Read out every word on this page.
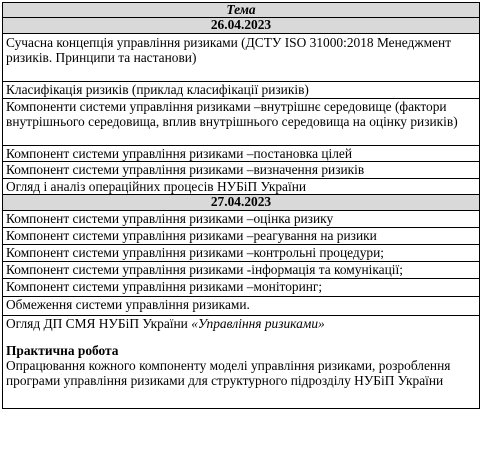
Тема
26.04.2023
Сучасна концепція управління ризиками (ДСТУ ISO 31000:2018 Менеджмент ризиків. Принципи та настанови)
Класифікація ризиків (приклад класифікації ризиків)
Компоненти системи управління ризиками –внутрішнє середовище (фактори внутрішнього середовища, вплив внутрішнього середовища на оцінку ризиків)
Компонент системи управління ризиками –постановка цілей
Компонент системи управління ризиками –визначення ризиків
Огляд і аналіз операційних процесів НУБіП України
27.04.2023
Компонент системи управління ризиками –оцінка ризику
Компонент системи управління ризиками –реагування на ризики
Компонент системи управління ризиками –контрольні процедури;
Компонент системи управління ризиками -інформація та комунікації;
Компонент системи управління ризиками –моніторинг;
Обмеження системи управління ризиками.
Огляд ДП СМЯ НУБіП України «Управління ризиками»
Практична робота
Опрацювання кожного компоненту моделі управління ризиками, розроблення програми управління ризиками для структурного підрозділу НУБіП України
